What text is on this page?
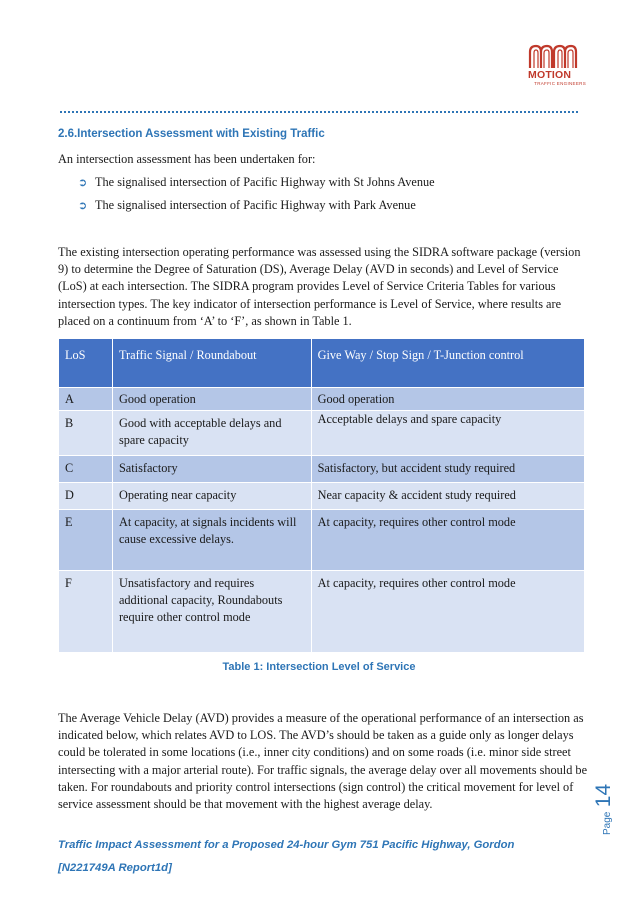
MOTION
TRAFFIC ENGINEERS
2.6.Intersection Assessment with Existing Traffic
An intersection assessment has been undertaken for:
➲ The signalised intersection of Pacific Highway with St Johns Avenue
➲ The signalised intersection of Pacific Highway with Park Avenue

The existing intersection operating performance was assessed using the SIDRA software package (version 9) to determine the Degree of Saturation (DS), Average Delay (AVD in seconds) and Level of Service (LoS) at each intersection. The SIDRA program provides Level of Service Criteria Tables for various intersection types. The key indicator of intersection performance is Level of Service, where results are placed on a continuum from ‘A’ to ‘F’, as shown in Table 1.

LoS	Traffic Signal / Roundabout	Give Way / Stop Sign / T-Junction control
A	Good operation	Good operation
B	Good with acceptable delays and spare capacity	Acceptable delays and spare capacity
C	Satisfactory	Satisfactory, but accident study required
D	Operating near capacity	Near capacity & accident study required
E	At capacity, at signals incidents will cause excessive delays.	At capacity, requires other control mode
F	Unsatisfactory and requires additional capacity, Roundabouts require other control mode	At capacity, requires other control mode
Table 1: Intersection Level of Service

The Average Vehicle Delay (AVD) provides a measure of the operational performance of an intersection as indicated below, which relates AVD to LOS. The AVD’s should be taken as a guide only as longer delays could be tolerated in some locations (i.e., inner city conditions) and on some roads (i.e. minor side street intersecting with a major arterial route). For traffic signals, the average delay over all movements should be taken. For roundabouts and priority control intersections (sign control) the critical movement for level of service assessment should be that movement with the highest average delay.

Traffic Impact Assessment for a Proposed 24-hour Gym 751 Pacific Highway, Gordon
[N221749A Report1d]
Page 14
